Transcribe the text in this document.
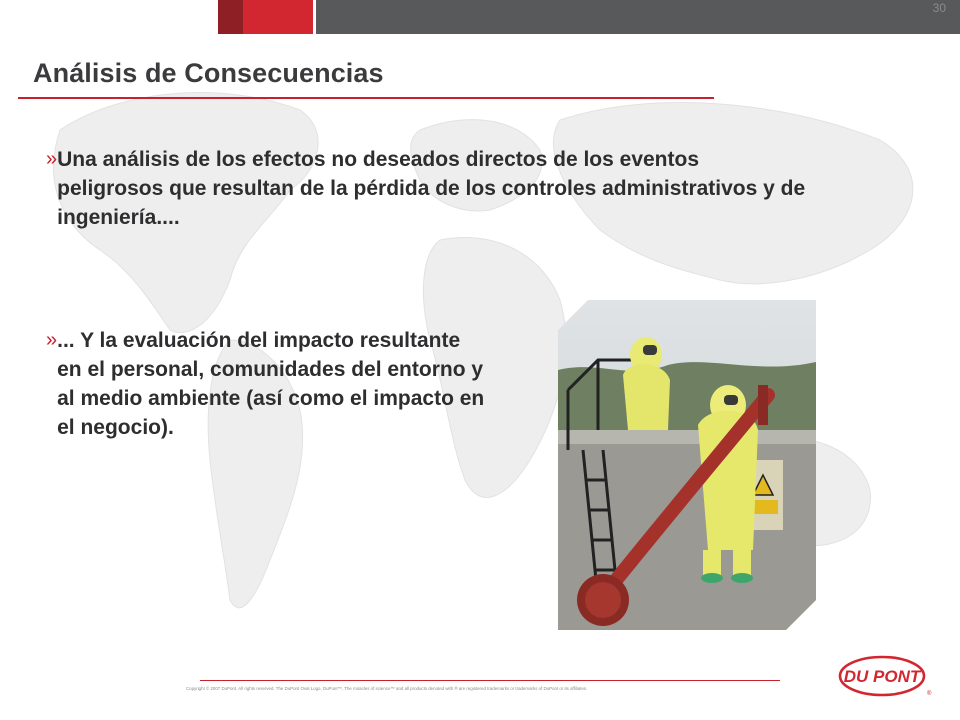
30
Análisis de Consecuencias
» Una análisis de los efectos no deseados directos de los eventos peligrosos que resultan de la pérdida de los controles administrativos y de ingeniería....
» ... Y la evaluación del impacto resultante en el personal, comunidades del entorno y al medio ambiente (así como el impacto en el negocio).
Copyright © 2007 DuPont. All rights reserved. The DuPont Oval Logo, DuPont™, The miracles of science™ and all products denoted with ® are registered trademarks or trademarks of DuPont or its affiliates.
DU PONT
®
